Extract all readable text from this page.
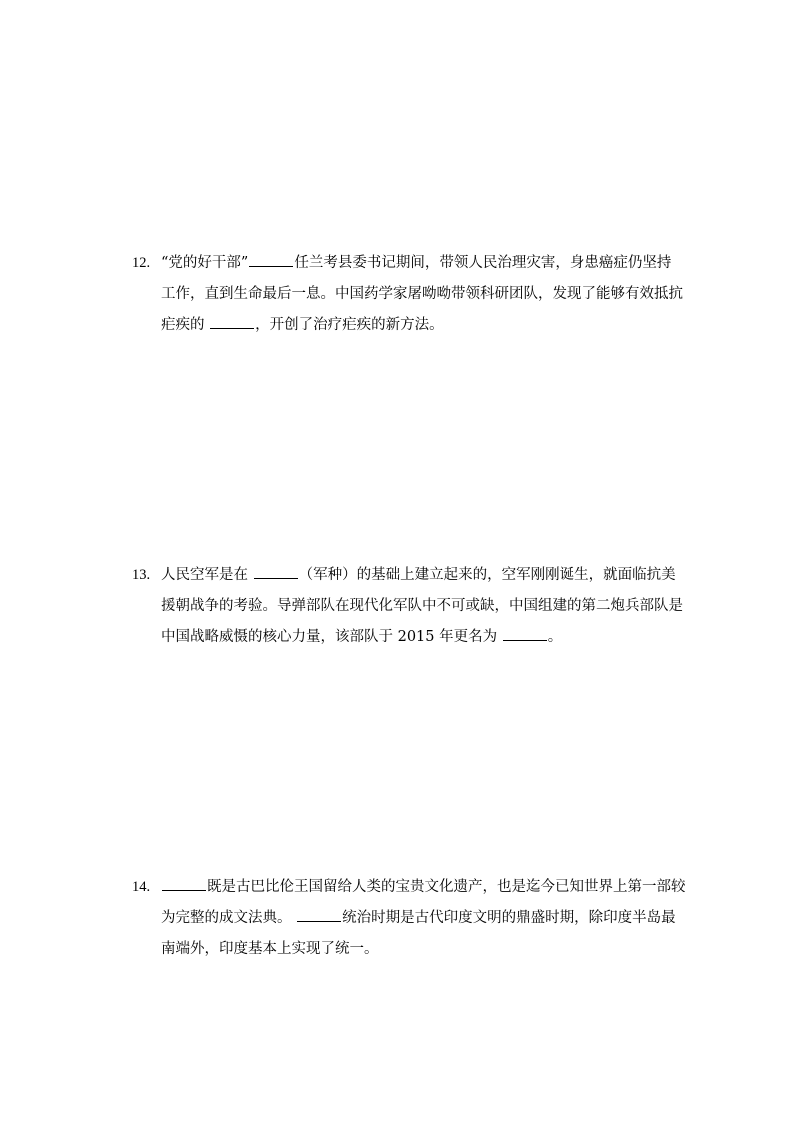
12. “党的好干部”	任兰考县委书记期间，带领人民治理灾害，身患癌症仍坚持
工作，直到生命最后一息。中国药学家屠呦呦带领科研团队，发现了能够有效抵抗
疟疾的	，开创了治疗疟疾的新方法。
13. 人民空军是在	（军种）的基础上建立起来的，空军刚刚诞生，就面临抗美
援朝战争的考验。导弹部队在现代化军队中不可或缺，中国组建的第二炮兵部队是
中国战略威慑的核心力量，该部队于 2015 年更名为	。
14.	既是古巴比伦王国留给人类的宝贵文化遗产，也是迄今已知世界上第一部较
为完整的成文法典。	统治时期是古代印度文明的鼎盛时期，除印度半岛最
南端外，印度基本上实现了统一。
